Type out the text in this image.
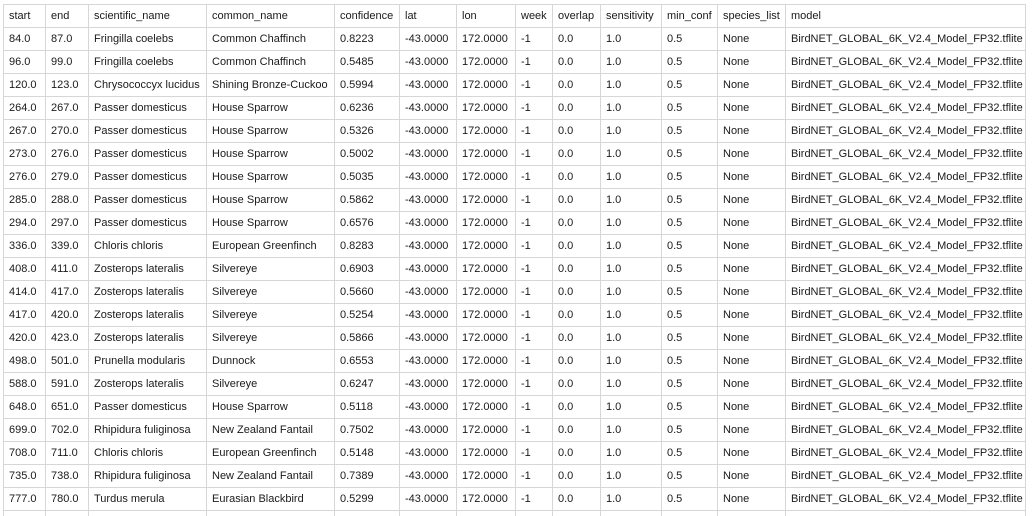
start	end	scientific_name	common_name	confidence	lat	lon	week	overlap	sensitivity	min_conf	species_list	model
84.0	87.0	Fringilla coelebs	Common Chaffinch	0.8223	-43.0000	172.0000	-1	0.0	1.0	0.5	None	BirdNET_GLOBAL_6K_V2.4_Model_FP32.tflite
96.0	99.0	Fringilla coelebs	Common Chaffinch	0.5485	-43.0000	172.0000	-1	0.0	1.0	0.5	None	BirdNET_GLOBAL_6K_V2.4_Model_FP32.tflite
120.0	123.0	Chrysococcyx lucidus	Shining Bronze-Cuckoo	0.5994	-43.0000	172.0000	-1	0.0	1.0	0.5	None	BirdNET_GLOBAL_6K_V2.4_Model_FP32.tflite
264.0	267.0	Passer domesticus	House Sparrow	0.6236	-43.0000	172.0000	-1	0.0	1.0	0.5	None	BirdNET_GLOBAL_6K_V2.4_Model_FP32.tflite
267.0	270.0	Passer domesticus	House Sparrow	0.5326	-43.0000	172.0000	-1	0.0	1.0	0.5	None	BirdNET_GLOBAL_6K_V2.4_Model_FP32.tflite
273.0	276.0	Passer domesticus	House Sparrow	0.5002	-43.0000	172.0000	-1	0.0	1.0	0.5	None	BirdNET_GLOBAL_6K_V2.4_Model_FP32.tflite
276.0	279.0	Passer domesticus	House Sparrow	0.5035	-43.0000	172.0000	-1	0.0	1.0	0.5	None	BirdNET_GLOBAL_6K_V2.4_Model_FP32.tflite
285.0	288.0	Passer domesticus	House Sparrow	0.5862	-43.0000	172.0000	-1	0.0	1.0	0.5	None	BirdNET_GLOBAL_6K_V2.4_Model_FP32.tflite
294.0	297.0	Passer domesticus	House Sparrow	0.6576	-43.0000	172.0000	-1	0.0	1.0	0.5	None	BirdNET_GLOBAL_6K_V2.4_Model_FP32.tflite
336.0	339.0	Chloris chloris	European Greenfinch	0.8283	-43.0000	172.0000	-1	0.0	1.0	0.5	None	BirdNET_GLOBAL_6K_V2.4_Model_FP32.tflite
408.0	411.0	Zosterops lateralis	Silvereye	0.6903	-43.0000	172.0000	-1	0.0	1.0	0.5	None	BirdNET_GLOBAL_6K_V2.4_Model_FP32.tflite
414.0	417.0	Zosterops lateralis	Silvereye	0.5660	-43.0000	172.0000	-1	0.0	1.0	0.5	None	BirdNET_GLOBAL_6K_V2.4_Model_FP32.tflite
417.0	420.0	Zosterops lateralis	Silvereye	0.5254	-43.0000	172.0000	-1	0.0	1.0	0.5	None	BirdNET_GLOBAL_6K_V2.4_Model_FP32.tflite
420.0	423.0	Zosterops lateralis	Silvereye	0.5866	-43.0000	172.0000	-1	0.0	1.0	0.5	None	BirdNET_GLOBAL_6K_V2.4_Model_FP32.tflite
498.0	501.0	Prunella modularis	Dunnock	0.6553	-43.0000	172.0000	-1	0.0	1.0	0.5	None	BirdNET_GLOBAL_6K_V2.4_Model_FP32.tflite
588.0	591.0	Zosterops lateralis	Silvereye	0.6247	-43.0000	172.0000	-1	0.0	1.0	0.5	None	BirdNET_GLOBAL_6K_V2.4_Model_FP32.tflite
648.0	651.0	Passer domesticus	House Sparrow	0.5118	-43.0000	172.0000	-1	0.0	1.0	0.5	None	BirdNET_GLOBAL_6K_V2.4_Model_FP32.tflite
699.0	702.0	Rhipidura fuliginosa	New Zealand Fantail	0.7502	-43.0000	172.0000	-1	0.0	1.0	0.5	None	BirdNET_GLOBAL_6K_V2.4_Model_FP32.tflite
708.0	711.0	Chloris chloris	European Greenfinch	0.5148	-43.0000	172.0000	-1	0.0	1.0	0.5	None	BirdNET_GLOBAL_6K_V2.4_Model_FP32.tflite
735.0	738.0	Rhipidura fuliginosa	New Zealand Fantail	0.7389	-43.0000	172.0000	-1	0.0	1.0	0.5	None	BirdNET_GLOBAL_6K_V2.4_Model_FP32.tflite
777.0	780.0	Turdus merula	Eurasian Blackbird	0.5299	-43.0000	172.0000	-1	0.0	1.0	0.5	None	BirdNET_GLOBAL_6K_V2.4_Model_FP32.tflite
